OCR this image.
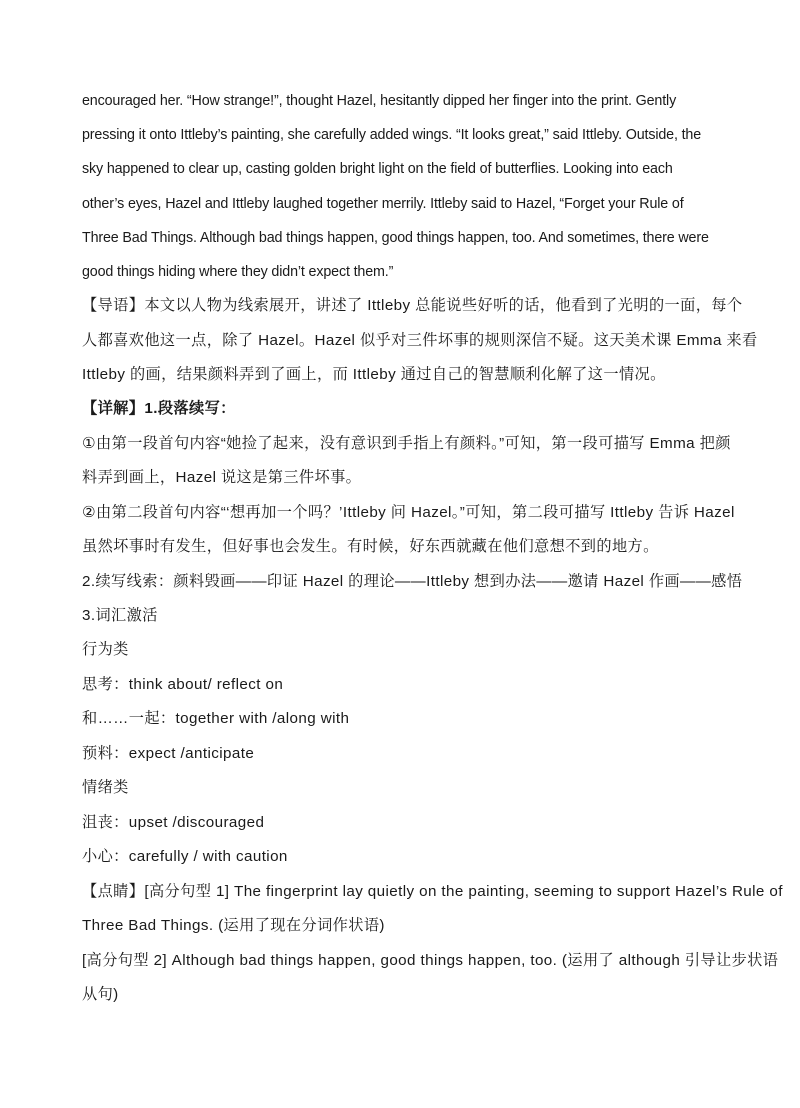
encouraged her. “How strange!”, thought Hazel, hesitantly dipped her finger into the print. Gently
pressing it onto Ittleby’s painting, she carefully added wings. “It looks great,” said Ittleby. Outside, the
sky happened to clear up, casting golden bright light on the field of butterflies. Looking into each
other’s eyes, Hazel and Ittleby laughed together merrily. Ittleby said to Hazel, “Forget your Rule of
Three Bad Things. Although bad things happen, good things happen, too. And sometimes, there were
good things hiding where they didn’t expect them.”
【导语】本文以人物为线索展开，讲述了 Ittleby 总能说些好听的话，他看到了光明的一面，每个
人都喜欢他这一点，除了 Hazel。Hazel 似乎对三件坏事的规则深信不疑。这天美术课 Emma 来看
Ittleby 的画，结果颜料弄到了画上，而 Ittleby 通过自己的智慧顺利化解了这一情况。
【详解】1.段落续写：
①由第一段首句内容“她捡了起来，没有意识到手指上有颜料。”可知，第一段可描写 Emma 把颜
料弄到画上，Hazel 说这是第三件坏事。
②由第二段首句内容“‘想再加一个吗？’Ittleby 问 Hazel。”可知，第二段可描写 Ittleby 告诉 Hazel
虽然坏事时有发生，但好事也会发生。有时候，好东西就藏在他们意想不到的地方。
2.续写线索：颜料毁画——印证 Hazel 的理论——Ittleby 想到办法——邀请 Hazel 作画——感悟
3.词汇激活
行为类
思考：think about/ reflect on
和……一起：together with /along with
预料：expect /anticipate
情绪类
沮丧：upset /discouraged
小心：carefully / with caution
【点睛】[高分句型 1] The fingerprint lay quietly on the painting, seeming to support Hazel’s Rule of
Three Bad Things. (运用了现在分词作状语)
[高分句型 2] Although bad things happen, good things happen, too. (运用了 although 引导让步状语
从句)
